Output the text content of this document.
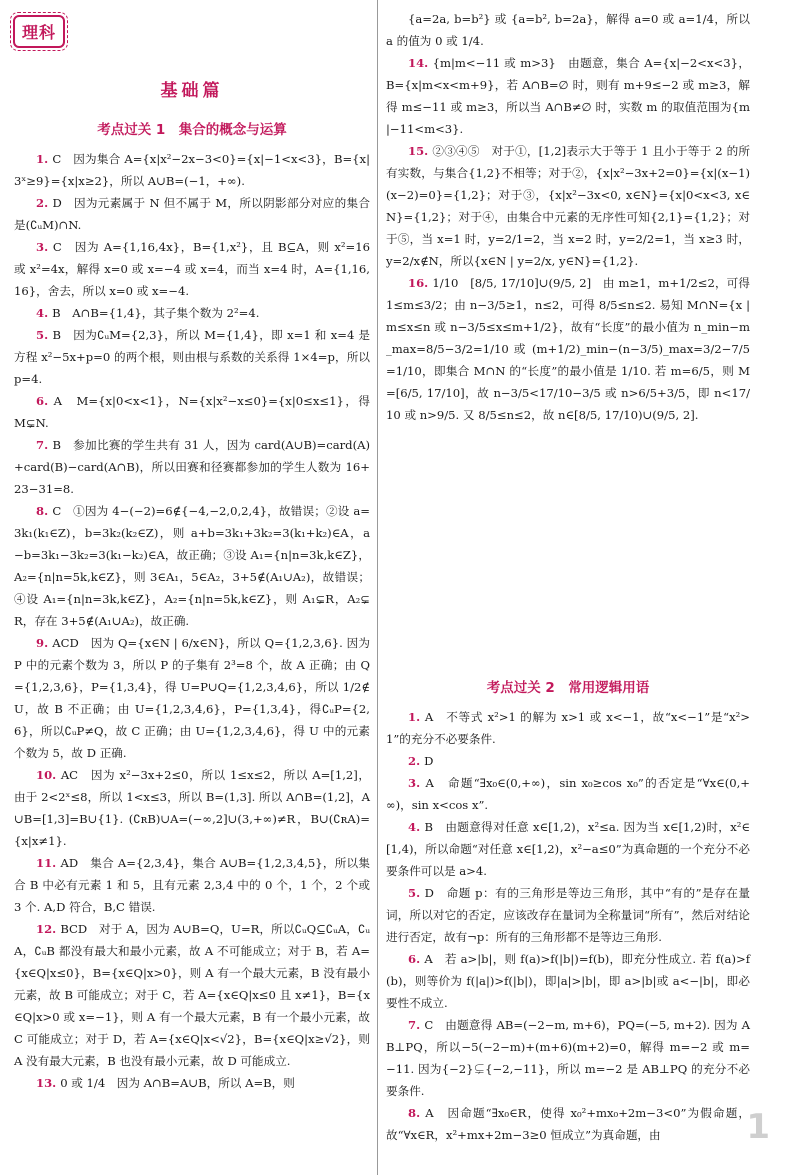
理科
基础篇

考点过关 1　集合的概念与运算

1. C　因为集合 A={x|x²−2x−3<0}={x|−1<x<3}，B={x|3ˣ≥9}={x|x≥2}，所以 A∪B=(−1，+∞).

2. D　因为元素属于 N 但不属于 M，所以阴影部分对应的集合是(∁ᵤM)∩N.

3. C　因为 A={1,16,4x}，B={1,x²}，且 B⊆A，则 x²=16 或 x²=4x，解得 x=0 或 x=−4 或 x=4，而当 x=4 时，A={1,16,16}，舍去，所以 x=0 或 x=−4.

4. B　A∩B={1,4}，其子集个数为 2²=4.

5. B　因为∁ᵤM={2,3}，所以 M={1,4}，即 x=1 和 x=4 是方程 x²−5x+p=0 的两个根，则由根与系数的关系得 1×4=p，所以 p=4.

6. A　M={x|0<x<1}，N={x|x²−x≤0}={x|0≤x≤1}，得 M⊊N.

7. B　参加比赛的学生共有 31 人，因为 card(A∪B)=card(A)+card(B)−card(A∩B)，所以田赛和径赛都参加的学生人数为 16+23−31=8.

8. C　①因为 4−(−2)=6∉{−4,−2,0,2,4}，故错误；②设 a=3k₁(k₁∈Z)，b=3k₂(k₂∈Z)，则 a+b=3k₁+3k₂=3(k₁+k₂)∈A，a−b=3k₁−3k₂=3(k₁−k₂)∈A，故正确；③设 A₁={n|n=3k,k∈Z}，A₂={n|n=5k,k∈Z}，则 3∈A₁，5∈A₂，3+5∉(A₁∪A₂)，故错误；④设 A₁={n|n=3k,k∈Z}，A₂={n|n=5k,k∈Z}，则 A₁⊊R，A₂⊊R，存在 3+5∉(A₁∪A₂)，故正确.

9. ACD　因为 Q={x∈N | 6/x∈N}，所以 Q={1,2,3,6}. 因为 P 中的元素个数为 3，所以 P 的子集有 2³=8 个，故 A 正确；由 Q={1,2,3,6}，P={1,3,4}，得 U=P∪Q={1,2,3,4,6}，所以 1/2∉U，故 B 不正确；由 U={1,2,3,4,6}，P={1,3,4}，得∁ᵤP={2,6}，所以∁ᵤP≠Q，故 C 正确；由 U={1,2,3,4,6}，得 U 中的元素个数为 5，故 D 正确.

10. AC　因为 x²−3x+2≤0，所以 1≤x≤2，所以 A=[1,2]，由于 2<2ˣ≤8，所以 1<x≤3，所以 B=(1,3]. 所以 A∩B=(1,2]，A∪B=[1,3]=B∪{1}. (∁ʀB)∪A=(−∞,2]∪(3,+∞)≠R，B∪(∁ʀA)={x|x≠1}.

11. AD　集合 A={2,3,4}，集合 A∪B={1,2,3,4,5}，所以集合 B 中必有元素 1 和 5，且有元素 2,3,4 中的 0 个，1 个，2 个或 3 个. A,D 符合，B,C 错误.

12. BCD　对于 A，因为 A∪B=Q，U=R，所以∁ᵤQ⊆∁ᵤA，∁ᵤA，∁ᵤB 都没有最大和最小元素，故 A 不可能成立；对于 B，若 A={x∈Q|x≤0}，B={x∈Q|x>0}，则 A 有一个最大元素，B 没有最小元素，故 B 可能成立；对于 C，若 A={x∈Q|x≤0 且 x≠1}，B={x∈Q|x>0 或 x=−1}，则 A 有一个最大元素，B 有一个最小元素，故 C 可能成立；对于 D，若 A={x∈Q|x<√2}，B={x∈Q|x≥√2}，则 A 没有最大元素，B 也没有最小元素，故 D 可能成立.

13. 0 或 1/4　因为 A∩B=A∪B，所以 A=B，则

{a=2a, b=b²} 或 {a=b², b=2a}，解得 a=0 或 a=1/4，所以 a 的值为 0 或 1/4.

14. {m|m<−11 或 m>3}　由题意，集合 A={x|−2<x<3}，B={x|m<x<m+9}，若 A∩B=∅ 时，则有 m+9≤−2 或 m≥3，解得 m≤−11 或 m≥3，所以当 A∩B≠∅ 时，实数 m 的取值范围为{m|−11<m<3}.

15. ②③④⑤　对于①，[1,2]表示大于等于 1 且小于等于 2 的所有实数，与集合{1,2}不相等；对于②，{x|x²−3x+2=0}={x|(x−1)(x−2)=0}={1,2}；对于③，{x|x²−3x<0, x∈N}={x|0<x<3, x∈N}={1,2}；对于④，由集合中元素的无序性可知{2,1}={1,2}；对于⑤，当 x=1 时，y=2/1=2，当 x=2 时，y=2/2=1，当 x≥3 时，y=2/x∉N，所以{x∈N | y=2/x, y∈N}={1,2}.

16. 1/10　[8/5, 17/10]∪(9/5, 2]　由 m≥1，m+1/2≤2，可得 1≤m≤3/2；由 n−3/5≥1，n≤2，可得 8/5≤n≤2. 易知 M∩N={x | m≤x≤n 或 n−3/5≤x≤m+1/2}，故有“长度”的最小值为 n_min−m_max=8/5−3/2=1/10 或 (m+1/2)_min−(n−3/5)_max=3/2−7/5=1/10，即集合 M∩N 的“长度”的最小值是 1/10. 若 m=6/5，则 M=[6/5, 17/10]，故 n−3/5<17/10−3/5 或 n>6/5+3/5，即 n<17/10 或 n>9/5. 又 8/5≤n≤2，故 n∈[8/5, 17/10)∪(9/5, 2].

考点过关 2　常用逻辑用语

1. A　不等式 x²>1 的解为 x>1 或 x<−1，故“x<−1”是“x²>1”的充分不必要条件.

2. D

3. A　命题“∃x₀∈(0,+∞)，sin x₀≥cos x₀”的否定是“∀x∈(0,+∞)，sin x<cos x”.

4. B　由题意得对任意 x∈[1,2)，x²≤a. 因为当 x∈[1,2)时，x²∈[1,4)，所以命题“对任意 x∈[1,2)，x²−a≤0”为真命题的一个充分不必要条件可以是 a>4.

5. D　命题 p：有的三角形是等边三角形，其中“有的”是存在量词，所以对它的否定，应该改存在量词为全称量词“所有”，然后对结论进行否定，故有¬p：所有的三角形都不是等边三角形.

6. A　若 a>|b|，则 f(a)>f(|b|)=f(b)，即充分性成立. 若 f(a)>f(b)，则等价为 f(|a|)>f(|b|)，即|a|>|b|，即 a>|b|或 a<−|b|，即必要性不成立.

7. C　由题意得 AB=(−2−m, m+6)，PQ=(−5, m+2). 因为 AB⊥PQ，所以−5(−2−m)+(m+6)(m+2)=0，解得 m=−2 或 m=−11. 因为{−2}⊊{−2,−11}，所以 m=−2 是 AB⊥PQ 的充分不必要条件.

8. A　因命题“∃x₀∈R，使得 x₀²+mx₀+2m−3<0”为假命题，故“∀x∈R，x²+mx+2m−3≥0 恒成立”为真命题，由	1
